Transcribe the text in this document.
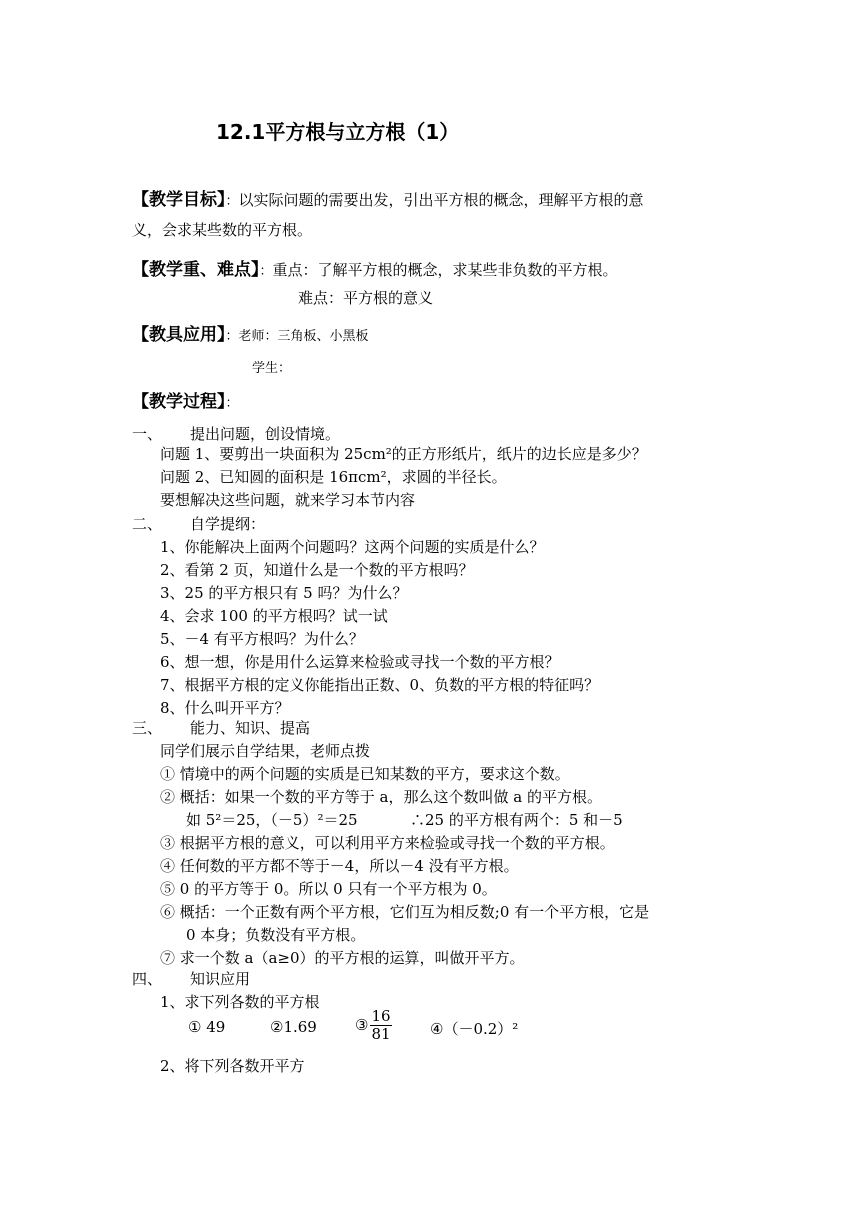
12.1平方根与立方根（1）
【教学目标】：以实际问题的需要出发，引出平方根的概念，理解平方根的意
义，会求某些数的平方根。
【教学重、难点】：重点：了解平方根的概念，求某些非负数的平方根。
难点：平方根的意义
【教具应用】：老师：三角板、小黑板
学生：
【教学过程】：
一、 提出问题，创设情境。
问题 1、要剪出一块面积为 25cm²的正方形纸片，纸片的边长应是多少？
问题 2、已知圆的面积是 16πcm²，求圆的半径长。
要想解决这些问题，就来学习本节内容
二、 自学提纲：
1、你能解决上面两个问题吗？这两个问题的实质是什么？
2、看第 2 页，知道什么是一个数的平方根吗？
3、25 的平方根只有 5 吗？为什么？
4、会求 100 的平方根吗？试一试
5、－4 有平方根吗？为什么？
6、想一想，你是用什么运算来检验或寻找一个数的平方根？
7、根据平方根的定义你能指出正数、0、负数的平方根的特征吗？
8、什么叫开平方？
三、 能力、知识、提高
同学们展示自学结果，老师点拨
① 情境中的两个问题的实质是已知某数的平方，要求这个数。
② 概括：如果一个数的平方等于 a，那么这个数叫做 a 的平方根。
如 5²＝25，（－5）²＝25	∴25 的平方根有两个：5 和－5
③ 根据平方根的意义，可以利用平方来检验或寻找一个数的平方根。
④ 任何数的平方都不等于－4，所以－4 没有平方根。
⑤ 0 的平方等于 0。所以 0 只有一个平方根为 0。
⑥ 概括：一个正数有两个平方根，它们互为相反数;0 有一个平方根，它是
0 本身；负数没有平方根。
⑦ 求一个数 a（a≥0）的平方根的运算，叫做开平方。
四、 知识应用
1、求下列各数的平方根
① 49	②1.69	③ $\frac{16}{81}$	④（－0.2）²
2、将下列各数开平方
